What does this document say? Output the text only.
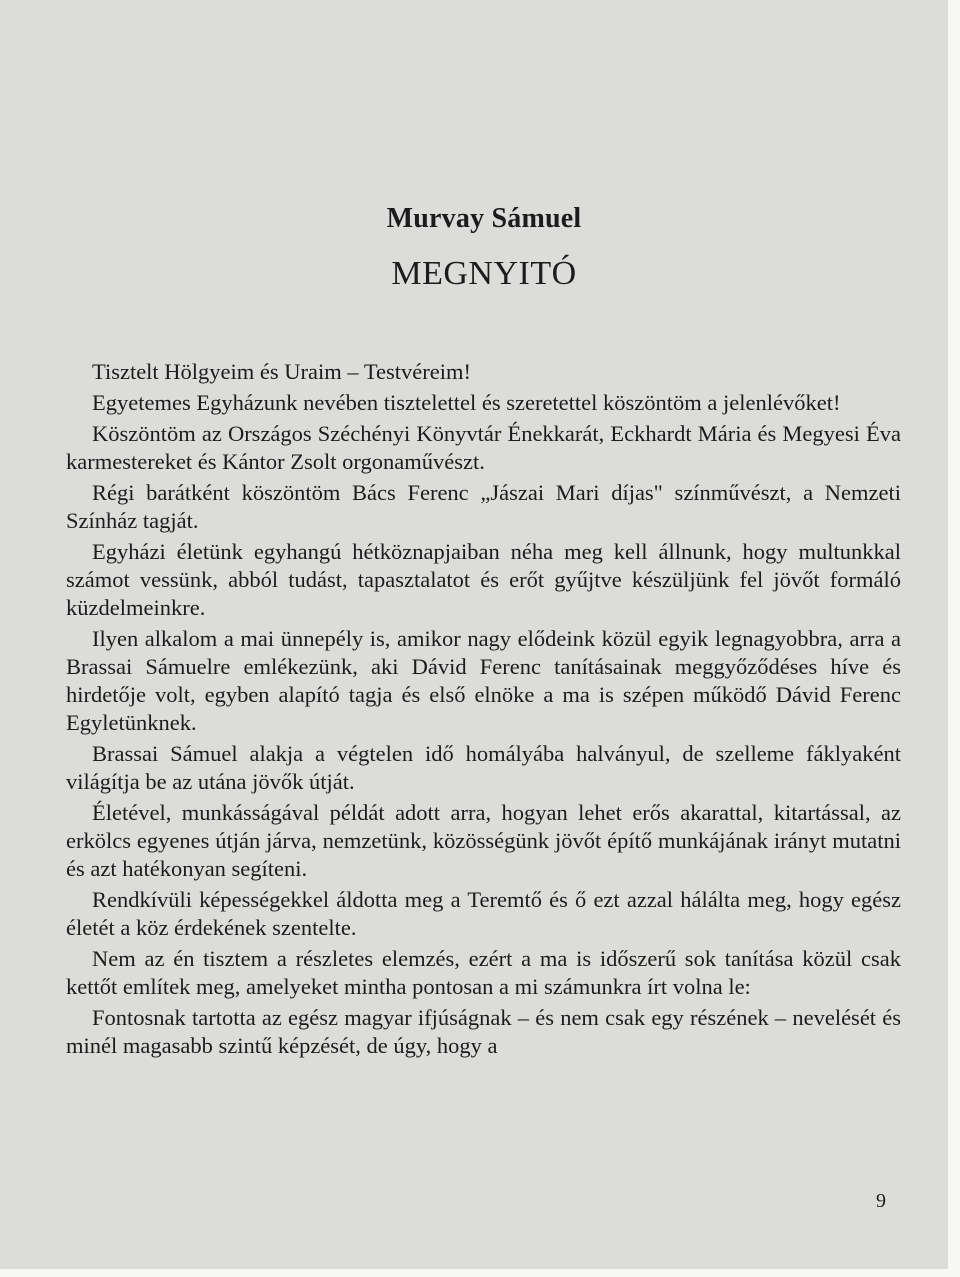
Murvay Sámuel
MEGNYITÓ

Tisztelt Hölgyeim és Uraim – Testvéreim!

Egyetemes Egyházunk nevében tisztelettel és szeretettel köszöntöm a jelenlévőket!

Köszöntöm az Országos Széchényi Könyvtár Énekkarát, Eckhardt Mária és Megyesi Éva karmestereket és Kántor Zsolt orgonaművészt.

Régi barátként köszöntöm Bács Ferenc „Jászai Mari díjas" színművészt, a Nemzeti Színház tagját.

Egyházi életünk egyhangú hétköznapjaiban néha meg kell állnunk, hogy multunkkal számot vessünk, abból tudást, tapasztalatot és erőt gyűjtve készüljünk fel jövőt formáló küzdelmeinkre.

Ilyen alkalom a mai ünnepély is, amikor nagy elődeink közül egyik legnagyobbra, arra a Brassai Sámuelre emlékezünk, aki Dávid Ferenc tanításainak meggyőződéses híve és hirdetője volt, egyben alapító tagja és első elnöke a ma is szépen működő Dávid Ferenc Egyletünknek.

Brassai Sámuel alakja a végtelen idő homályába halványul, de szelleme fáklyaként világítja be az utána jövők útját.

Életével, munkásságával példát adott arra, hogyan lehet erős akarattal, kitartással, az erkölcs egyenes útján járva, nemzetünk, közösségünk jövőt építő munkájának irányt mutatni és azt hatékonyan segíteni.

Rendkívüli képességekkel áldotta meg a Teremtő és ő ezt azzal hálálta meg, hogy egész életét a köz érdekének szentelte.

Nem az én tisztem a részletes elemzés, ezért a ma is időszerű sok tanítása közül csak kettőt említek meg, amelyeket mintha pontosan a mi számunkra írt volna le:

Fontosnak tartotta az egész magyar ifjúságnak – és nem csak egy részének – nevelését és minél magasabb szintű képzését, de úgy, hogy a

9
